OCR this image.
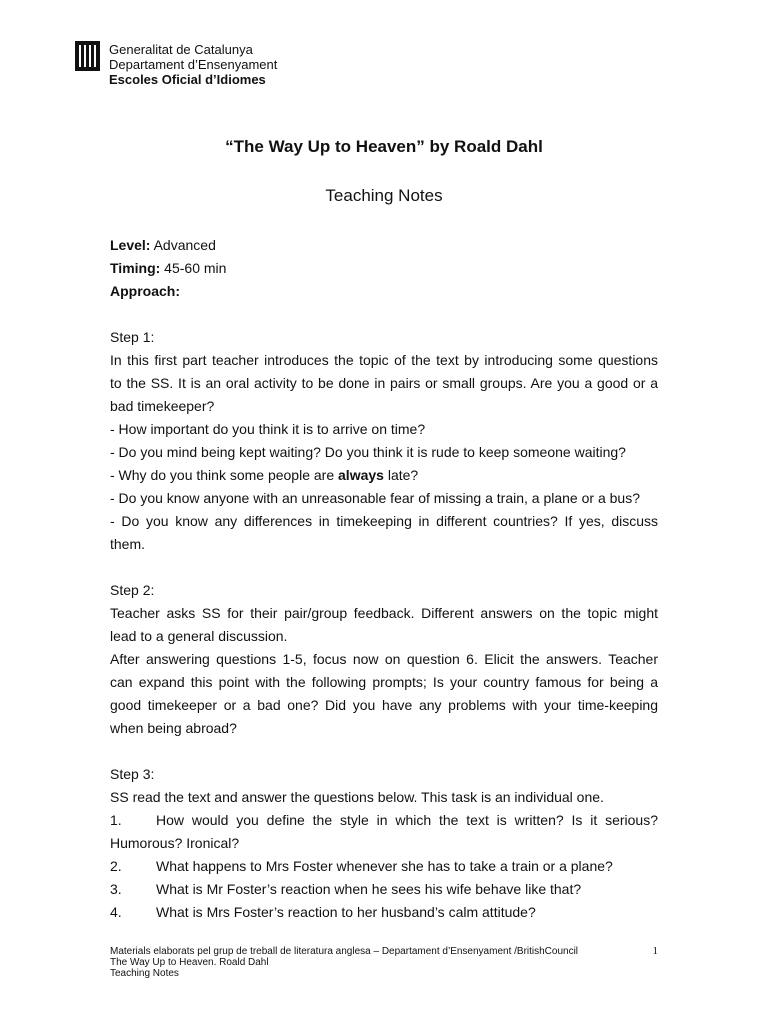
Generalitat de Catalunya
Departament d’Ensenyament
Escoles Oficial d’Idiomes
“The Way Up to Heaven” by Roald Dahl
Teaching Notes
Level: Advanced
Timing: 45-60 min
Approach:
Step 1:
In this first part teacher introduces the topic of the text by introducing some questions
to the SS. It is an oral activity to be done in pairs or small groups. Are you a good or a
bad timekeeper?
- How important do you think it is to arrive on time?
- Do you mind being kept waiting? Do you think it is rude to keep someone waiting?
- Why do you think some people are always late?
- Do you know anyone with an unreasonable fear of missing a train, a plane or a bus?
- Do you know any differences in timekeeping in different countries? If yes, discuss
them.
Step 2:
Teacher asks SS for their pair/group feedback. Different answers on the topic might
lead to a general discussion.
After answering questions 1-5, focus now on question 6. Elicit the answers. Teacher
can expand this point with the following prompts; Is your country famous for being a
good timekeeper or a bad one? Did you have any problems with your time-keeping
when being abroad?
Step 3:
SS read the text and answer the questions below. This task is an individual one.
1.	How would you define the style in which the text is written? Is it serious?
Humorous? Ironical?
2. What happens to Mrs Foster whenever she has to take a train or a plane?
3. What is Mr Foster’s reaction when he sees his wife behave like that?
4. What is Mrs Foster’s reaction to her husband’s calm attitude?
Materials elaborats pel grup de treball de literatura anglesa – Departament d’Ensenyament /BritishCouncil
The Way Up to Heaven. Roald Dahl
Teaching Notes
1
